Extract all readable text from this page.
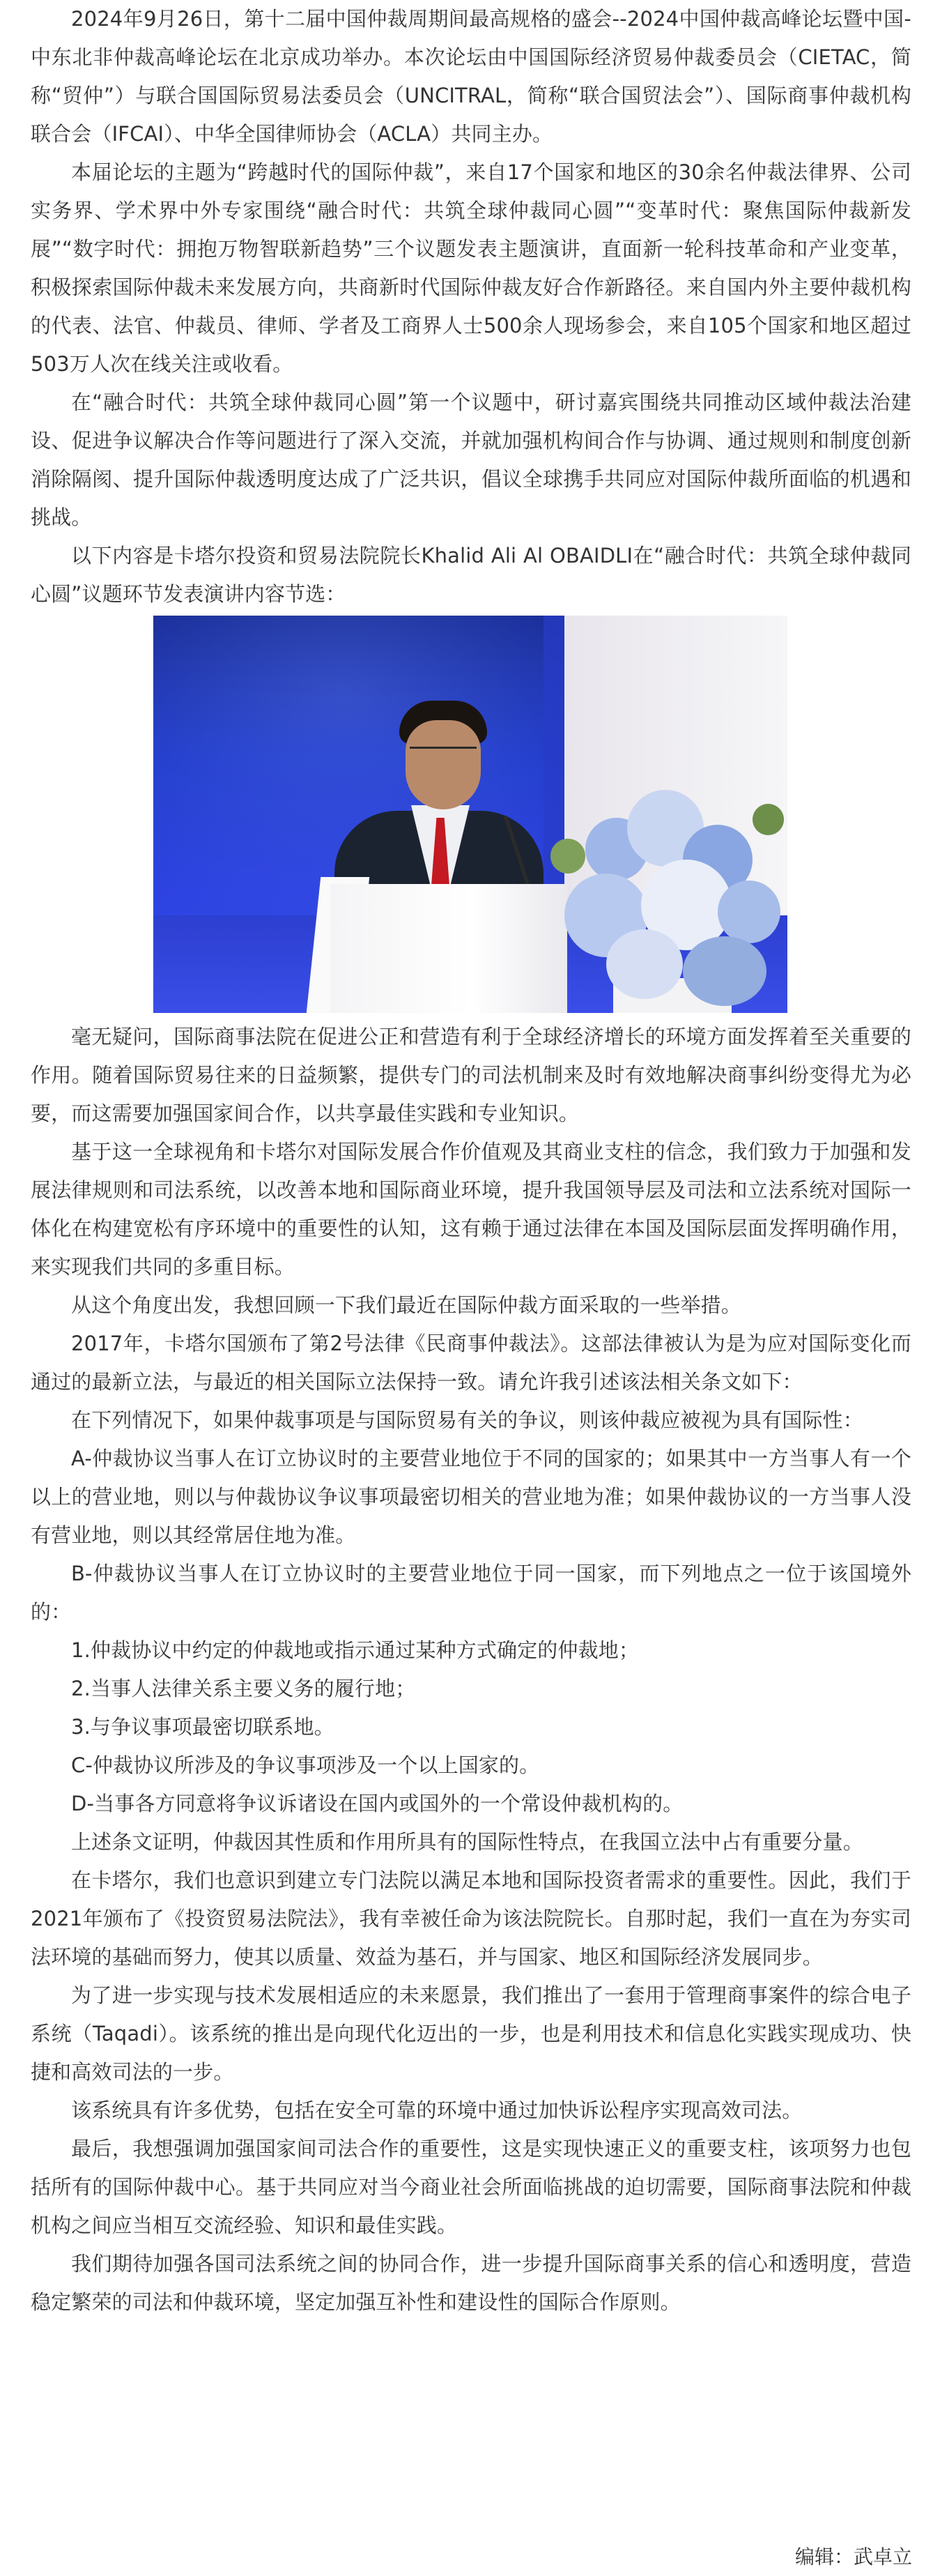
2024年9月26日，第十二届中国仲裁周期间最高规格的盛会--2024中国仲裁高峰论坛暨中国-中东北非仲裁高峰论坛在北京成功举办。本次论坛由中国国际经济贸易仲裁委员会（CIETAC，简称“贸仲”）与联合国国际贸易法委员会（UNCITRAL，简称“联合国贸法会”）、国际商事仲裁机构联合会（IFCAI）、中华全国律师协会（ACLA）共同主办。

本届论坛的主题为“跨越时代的国际仲裁”，来自17个国家和地区的30余名仲裁法律界、公司实务界、学术界中外专家围绕“融合时代：共筑全球仲裁同心圆”“变革时代：聚焦国际仲裁新发展”“数字时代：拥抱万物智联新趋势”三个议题发表主题演讲，直面新一轮科技革命和产业变革，积极探索国际仲裁未来发展方向，共商新时代国际仲裁友好合作新路径。来自国内外主要仲裁机构的代表、法官、仲裁员、律师、学者及工商界人士500余人现场参会，来自105个国家和地区超过503万人次在线关注或收看。

在“融合时代：共筑全球仲裁同心圆”第一个议题中，研讨嘉宾围绕共同推动区域仲裁法治建设、促进争议解决合作等问题进行了深入交流，并就加强机构间合作与协调、通过规则和制度创新消除隔阂、提升国际仲裁透明度达成了广泛共识，倡议全球携手共同应对国际仲裁所面临的机遇和挑战。

以下内容是卡塔尔投资和贸易法院院长Khalid Ali Al OBAIDLI在“融合时代：共筑全球仲裁同心圆”议题环节发表演讲内容节选：

毫无疑问，国际商事法院在促进公正和营造有利于全球经济增长的环境方面发挥着至关重要的作用。随着国际贸易往来的日益频繁，提供专门的司法机制来及时有效地解决商事纠纷变得尤为必要，而这需要加强国家间合作，以共享最佳实践和专业知识。

基于这一全球视角和卡塔尔对国际发展合作价值观及其商业支柱的信念，我们致力于加强和发展法律规则和司法系统，以改善本地和国际商业环境，提升我国领导层及司法和立法系统对国际一体化在构建宽松有序环境中的重要性的认知，这有赖于通过法律在本国及国际层面发挥明确作用，来实现我们共同的多重目标。

从这个角度出发，我想回顾一下我们最近在国际仲裁方面采取的一些举措。

2017年，卡塔尔国颁布了第2号法律《民商事仲裁法》。这部法律被认为是为应对国际变化而通过的最新立法，与最近的相关国际立法保持一致。请允许我引述该法相关条文如下：

在下列情况下，如果仲裁事项是与国际贸易有关的争议，则该仲裁应被视为具有国际性：

A-仲裁协议当事人在订立协议时的主要营业地位于不同的国家的；如果其中一方当事人有一个以上的营业地，则以与仲裁协议争议事项最密切相关的营业地为准；如果仲裁协议的一方当事人没有营业地，则以其经常居住地为准。

B-仲裁协议当事人在订立协议时的主要营业地位于同一国家，而下列地点之一位于该国境外的：

1.仲裁协议中约定的仲裁地或指示通过某种方式确定的仲裁地；

2.当事人法律关系主要义务的履行地；

3.与争议事项最密切联系地。

C-仲裁协议所涉及的争议事项涉及一个以上国家的。

D-当事各方同意将争议诉诸设在国内或国外的一个常设仲裁机构的。

上述条文证明，仲裁因其性质和作用所具有的国际性特点，在我国立法中占有重要分量。

在卡塔尔，我们也意识到建立专门法院以满足本地和国际投资者需求的重要性。因此，我们于2021年颁布了《投资贸易法院法》，我有幸被任命为该法院院长。自那时起，我们一直在为夯实司法环境的基础而努力，使其以质量、效益为基石，并与国家、地区和国际经济发展同步。

为了进一步实现与技术发展相适应的未来愿景，我们推出了一套用于管理商事案件的综合电子系统（Taqadi）。该系统的推出是向现代化迈出的一步，也是利用技术和信息化实践实现成功、快捷和高效司法的一步。

该系统具有许多优势，包括在安全可靠的环境中通过加快诉讼程序实现高效司法。

最后，我想强调加强国家间司法合作的重要性，这是实现快速正义的重要支柱，该项努力也包括所有的国际仲裁中心。基于共同应对当今商业社会所面临挑战的迫切需要，国际商事法院和仲裁机构之间应当相互交流经验、知识和最佳实践。

我们期待加强各国司法系统之间的协同合作，进一步提升国际商事关系的信心和透明度，营造稳定繁荣的司法和仲裁环境，坚定加强互补性和建设性的国际合作原则。

编辑：武卓立
